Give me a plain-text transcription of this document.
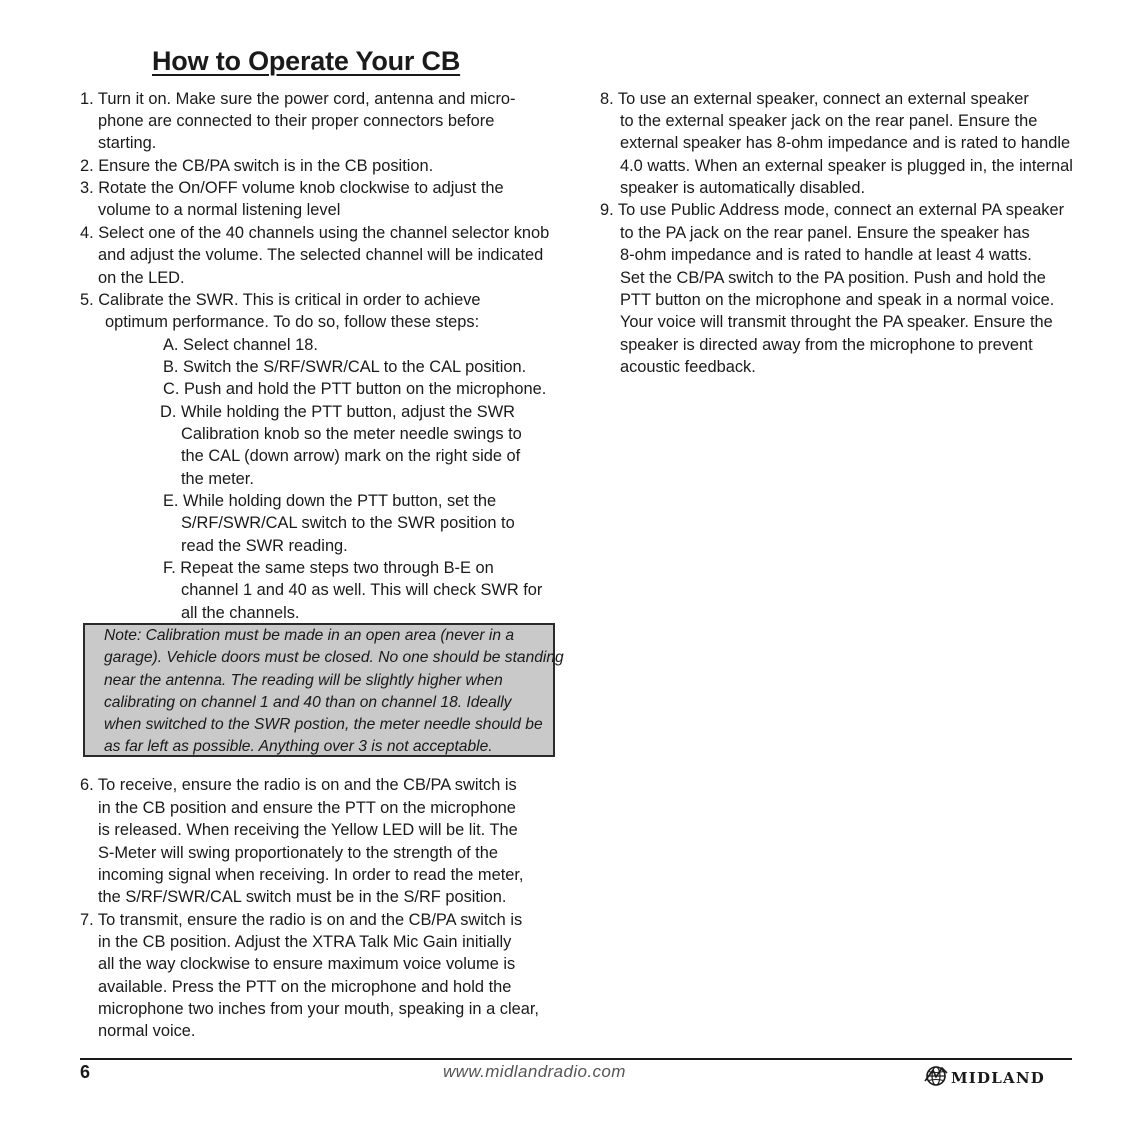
How to Operate Your CB
1. Turn it on. Make sure the power cord, antenna and micro-
phone are connected to their proper connectors before
starting.
2. Ensure the CB/PA switch is in the CB position.
3. Rotate the On/OFF volume knob clockwise to adjust the
volume to a normal listening level
4. Select one of the 40 channels using the channel selector knob
and adjust the volume. The selected channel will be indicated
on the LED.
5. Calibrate the SWR. This is critical in order to achieve
optimum performance. To do so, follow these steps:
A. Select channel 18.
B. Switch the S/RF/SWR/CAL to the CAL position.
C. Push and hold the PTT button on the microphone.
D. While holding the PTT button, adjust the SWR
Calibration knob so the meter needle swings to
the CAL (down arrow) mark on the right side of
the meter.
E. While holding down the PTT button, set the
S/RF/SWR/CAL switch to the SWR position to
read the SWR reading.
F. Repeat the same steps two through B-E on
channel 1 and 40 as well. This will check SWR for
all the channels.
Note: Calibration must be made in an open area (never in a
garage). Vehicle doors must be closed. No one should be standing
near the antenna. The reading will be slightly higher when
calibrating on channel 1 and 40 than on channel 18. Ideally
when switched to the SWR postion, the meter needle should be
as far left as possible. Anything over 3 is not acceptable.
6. To receive, ensure the radio is on and the CB/PA switch is
in the CB position and ensure the PTT on the microphone
is released. When receiving the Yellow LED will be lit. The
S-Meter will swing proportionately to the strength of the
incoming signal when receiving. In order to read the meter,
the S/RF/SWR/CAL switch must be in the S/RF position.
7. To transmit, ensure the radio is on and the CB/PA switch is
in the CB position. Adjust the XTRA Talk Mic Gain initially
all the way clockwise to ensure maximum voice volume is
available. Press the PTT on the microphone and hold the
microphone two inches from your mouth, speaking in a clear,
normal voice.
8. To use an external speaker, connect an external speaker
to the external speaker jack on the rear panel. Ensure the
external speaker has 8-ohm impedance and is rated to handle
4.0 watts. When an external speaker is plugged in, the internal
speaker is automatically disabled.
9. To use Public Address mode, connect an external PA speaker
to the PA jack on the rear panel. Ensure the speaker has
8-ohm impedance and is rated to handle at least 4 watts.
Set the CB/PA switch to the PA position. Push and hold the
PTT button on the microphone and speak in a normal voice.
Your voice will transmit throught the PA speaker. Ensure the
speaker is directed away from the microphone to prevent
acoustic feedback.
6	www.midlandradio.com	MIDLAND
